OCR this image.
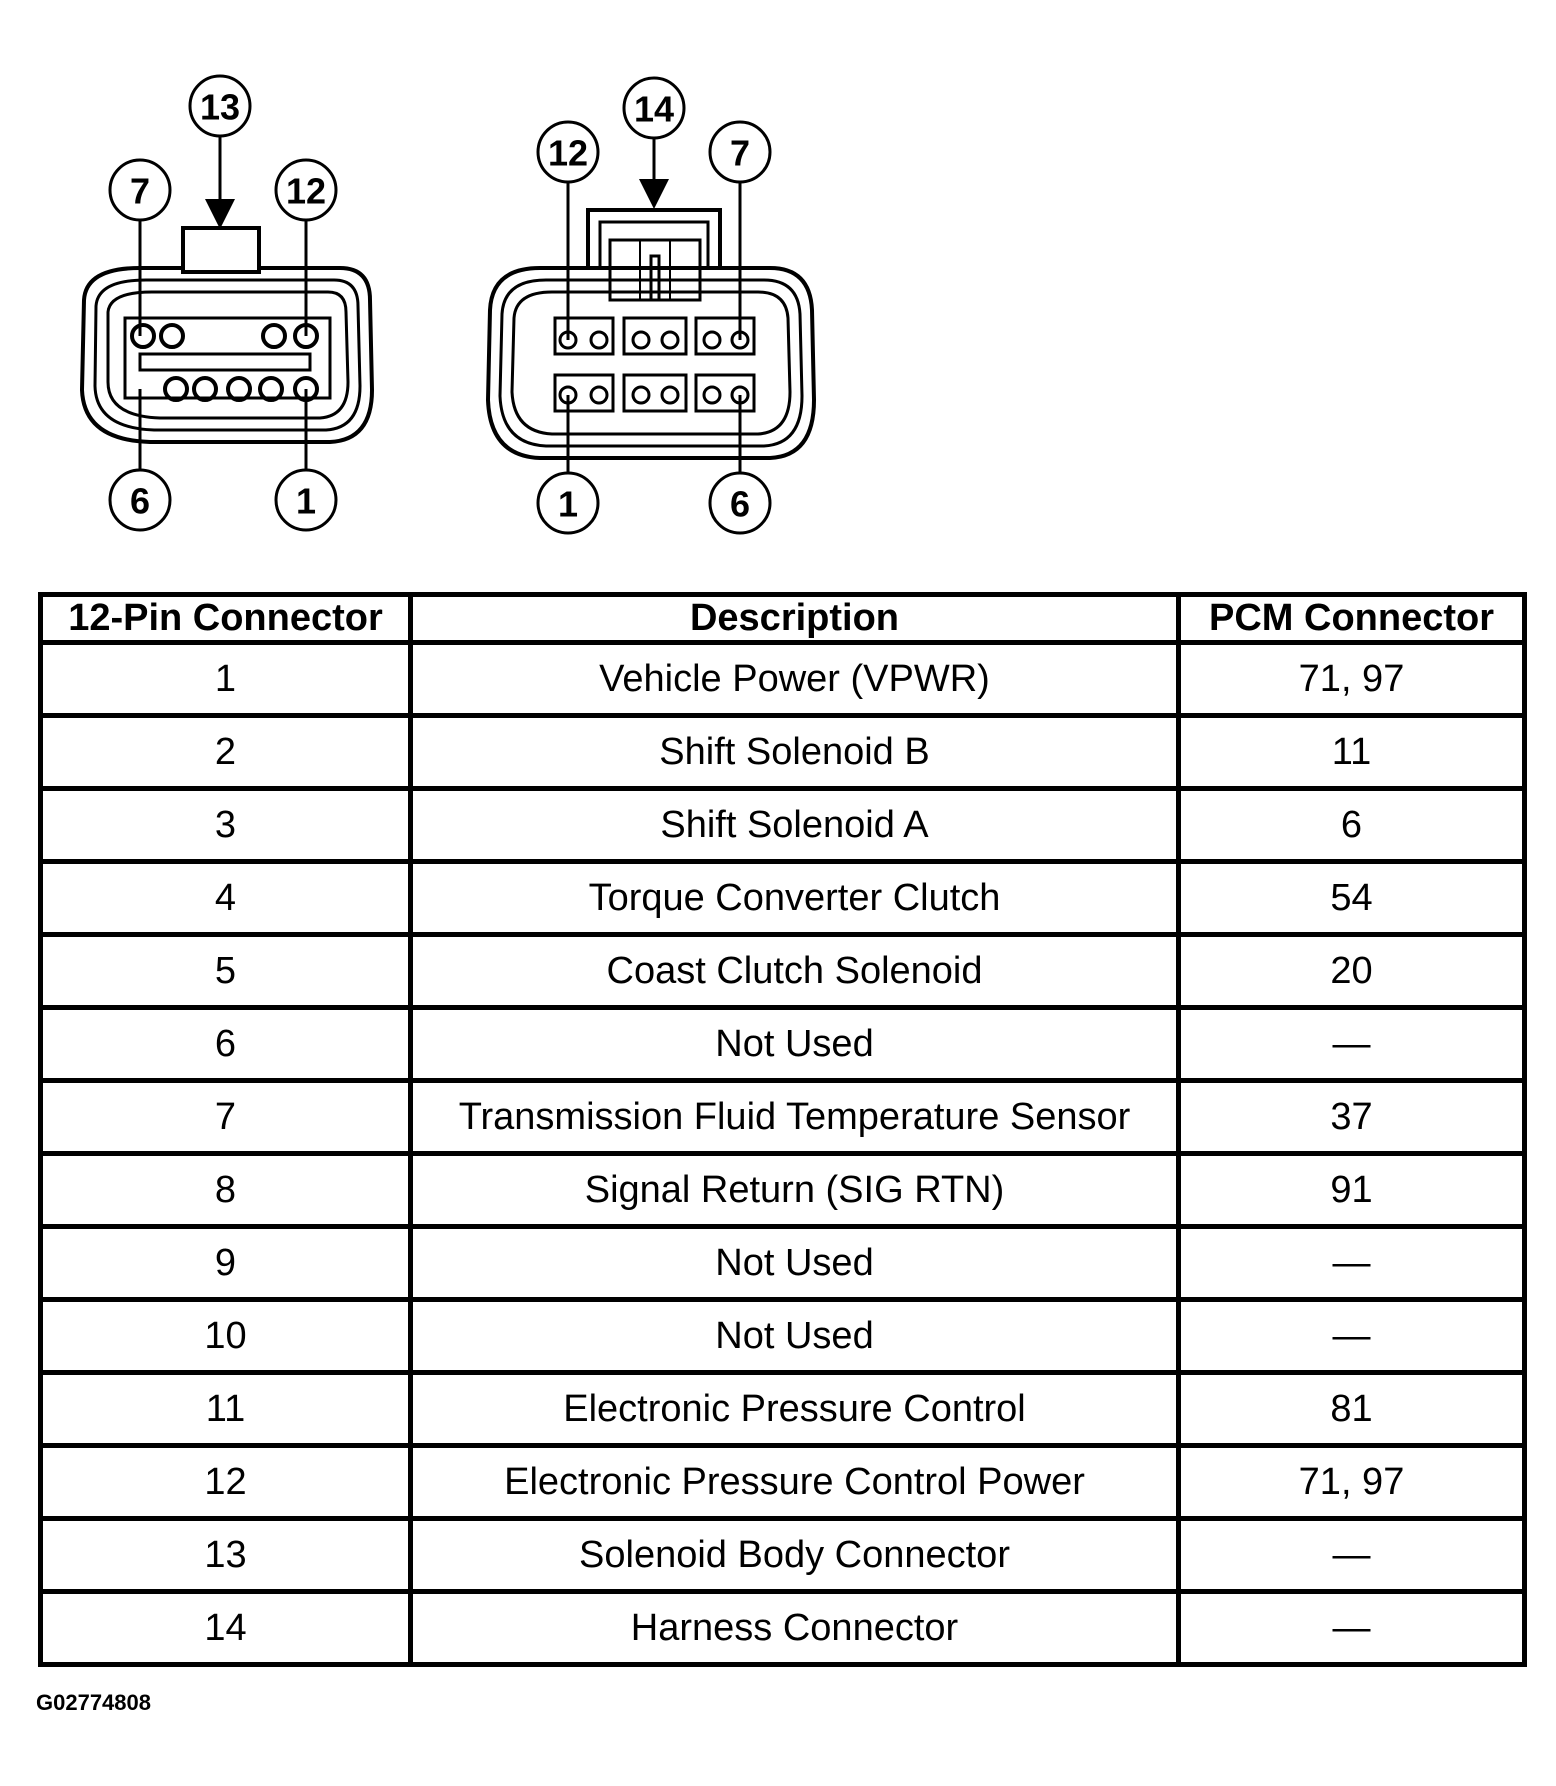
13
7	12
6	1
14
12	7
1	6
12-Pin Connector	Description	PCM Connector
1	Vehicle Power (VPWR)	71, 97
2	Shift Solenoid B	11
3	Shift Solenoid A	6
4	Torque Converter Clutch	54
5	Coast Clutch Solenoid	20
6	Not Used	—
7	Transmission Fluid Temperature Sensor	37
8	Signal Return (SIG RTN)	91
9	Not Used	—
10	Not Used	—
11	Electronic Pressure Control	81
12	Electronic Pressure Control Power	71, 97
13	Solenoid Body Connector	—
14	Harness Connector	—
G02774808
